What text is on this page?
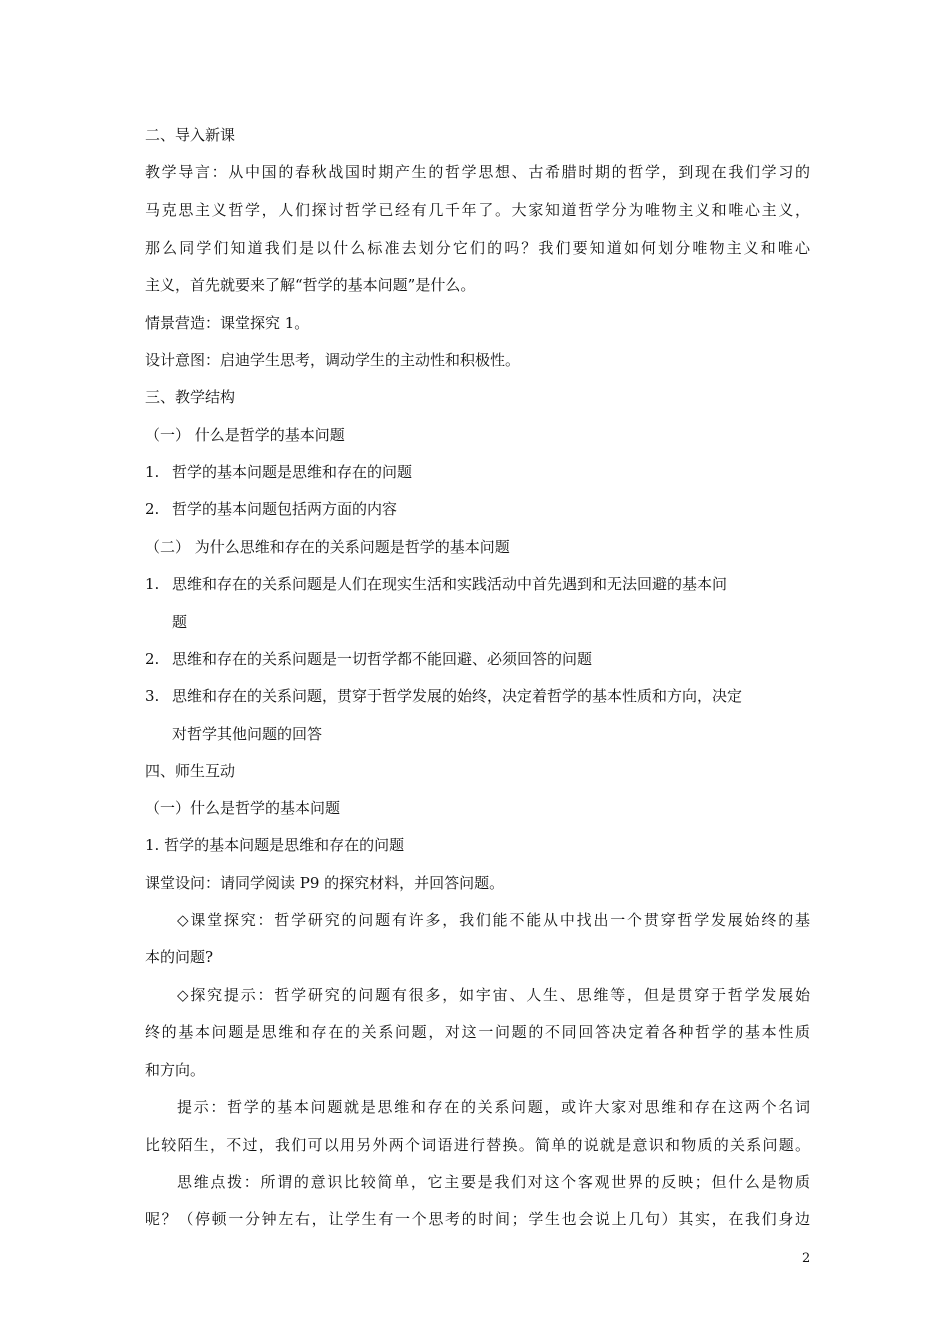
二、导入新课
教学导言：从中国的春秋战国时期产生的哲学思想、古希腊时期的哲学，到现在我们学习的
马克思主义哲学，人们探讨哲学已经有几千年了。大家知道哲学分为唯物主义和唯心主义，
那么同学们知道我们是以什么标准去划分它们的吗？我们要知道如何划分唯物主义和唯心
主义，首先就要来了解“哲学的基本问题”是什么。
情景营造：课堂探究 1。
设计意图：启迪学生思考，调动学生的主动性和积极性。
三、教学结构
（一） 什么是哲学的基本问题
1. 哲学的基本问题是思维和存在的问题
2. 哲学的基本问题包括两方面的内容
（二） 为什么思维和存在的关系问题是哲学的基本问题
1. 思维和存在的关系问题是人们在现实生活和实践活动中首先遇到和无法回避的基本问
题
2. 思维和存在的关系问题是一切哲学都不能回避、必须回答的问题
3. 思维和存在的关系问题，贯穿于哲学发展的始终，决定着哲学的基本性质和方向，决定
对哲学其他问题的回答
四、师生互动
（一）什么是哲学的基本问题
1. 哲学的基本问题是思维和存在的问题
课堂设问：请同学阅读 P9 的探究材料，并回答问题。
◇课堂探究：哲学研究的问题有许多，我们能不能从中找出一个贯穿哲学发展始终的基
本的问题?
◇探究提示：哲学研究的问题有很多，如宇宙、人生、思维等，但是贯穿于哲学发展始
终的基本问题是思维和存在的关系问题，对这一问题的不同回答决定着各种哲学的基本性质
和方向。
提示：哲学的基本问题就是思维和存在的关系问题，或许大家对思维和存在这两个名词
比较陌生，不过，我们可以用另外两个词语进行替换。简单的说就是意识和物质的关系问题。
思维点拨：所谓的意识比较简单，它主要是我们对这个客观世界的反映；但什么是物质
呢？（停顿一分钟左右，让学生有一个思考的时间；学生也会说上几句）其实，在我们身边
2
